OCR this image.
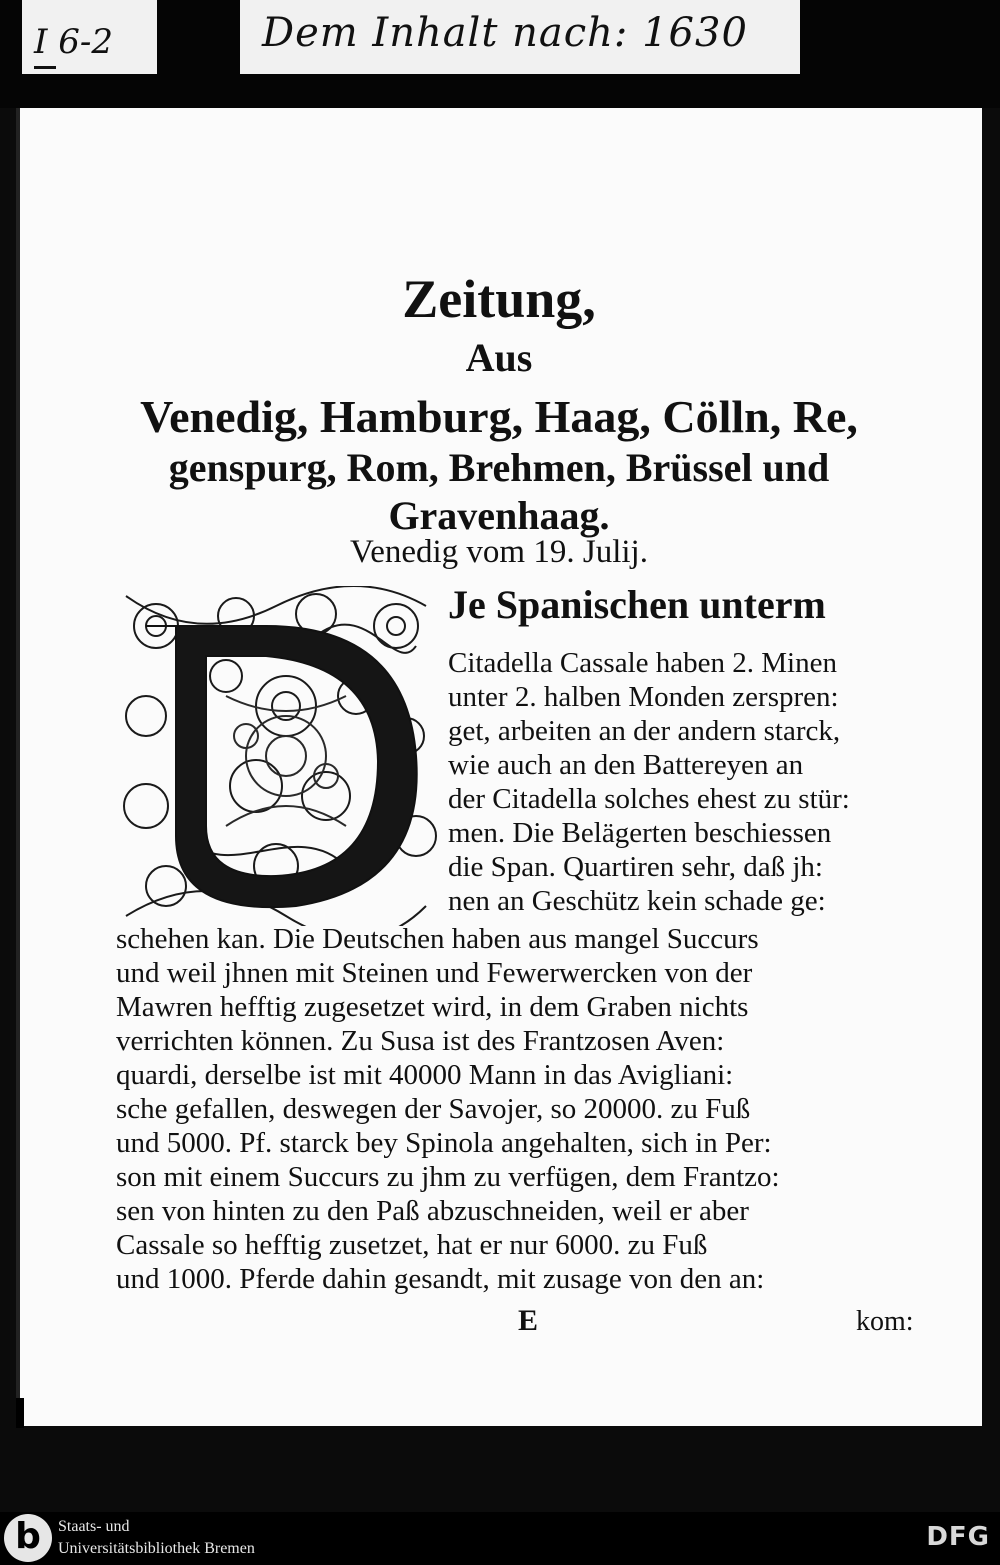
I 6-2	Dem Inhalt nach: 1630
Zeitung,
Aus
Venedig, Hamburg, Haag, Cölln, Re,
genspurg, Rom, Brehmen, Brüssel und
Gravenhaag.
Venedig vom 19. Julij.
Je Spanischen unterm
Citadella Cassale haben 2. Minen
unter 2. halben Monden zerspren:
get, arbeiten an der andern starck,
wie auch an den Battereyen an
der Citadella solches ehest zu stür:
men. Die Belägerten beschiessen
die Span. Quartiren sehr, daß jh:
nen an Geschütz kein schade ge:
schehen kan. Die Deutschen haben aus mangel Succurs
und weil jhnen mit Steinen und Fewerwercken von der
Mawren hefftig zugesetzet wird, in dem Graben nichts
verrichten können. Zu Susa ist des Frantzosen Aven:
quardi, derselbe ist mit 40000 Mann in das Avigliani:
sche gefallen, deswegen der Savojer, so 20000. zu Fuß
und 5000. Pf. starck bey Spinola angehalten, sich in Per:
son mit einem Succurs zu jhm zu verfügen, dem Frantzo:
sen von hinten zu den Paß abzuschneiden, weil er aber
Cassale so hefftig zusetzet, hat er nur 6000. zu Fuß
und 1000. Pferde dahin gesandt, mit zusage von den an:
E	kom:
b	Staats- und
Universitätsbibliothek Bremen	DFG
